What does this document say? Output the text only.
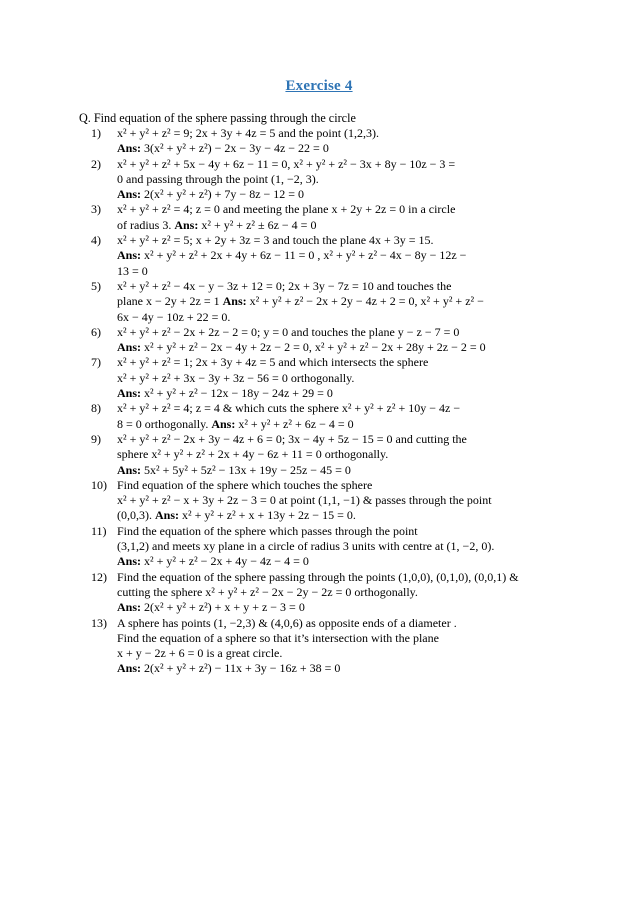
Exercise 4
Q. Find equation of the sphere passing through the circle
1) x² + y² + z² = 9; 2x + 3y + 4z = 5 and the point (1,2,3).
Ans: 3(x² + y² + z²) − 2x − 3y − 4z − 22 = 0
2) x² + y² + z² + 5x − 4y + 6z − 11 = 0, x² + y² + z² − 3x + 8y − 10z − 3 =
0 and passing through the point (1, −2, 3).
Ans: 2(x² + y² + z²) + 7y − 8z − 12 = 0
3) x² + y² + z² = 4; z = 0 and meeting the plane x + 2y + 2z = 0 in a circle
of radius 3. Ans: x² + y² + z² ± 6z − 4 = 0
4) x² + y² + z² = 5; x + 2y + 3z = 3 and touch the plane 4x + 3y = 15.
Ans: x² + y² + z² + 2x + 4y + 6z − 11 = 0 , x² + y² + z² − 4x − 8y − 12z −
13 = 0
5) x² + y² + z² − 4x − y − 3z + 12 = 0; 2x + 3y − 7z = 10 and touches the
plane x − 2y + 2z = 1 Ans: x² + y² + z² − 2x + 2y − 4z + 2 = 0, x² + y² + z² −
6x − 4y − 10z + 22 = 0.
6) x² + y² + z² − 2x + 2z − 2 = 0; y = 0 and touches the plane y − z − 7 = 0
Ans: x² + y² + z² − 2x − 4y + 2z − 2 = 0, x² + y² + z² − 2x + 28y + 2z − 2 = 0
7) x² + y² + z² = 1; 2x + 3y + 4z = 5 and which intersects the sphere
x² + y² + z² + 3x − 3y + 3z − 56 = 0 orthogonally.
Ans: x² + y² + z² − 12x − 18y − 24z + 29 = 0
8) x² + y² + z² = 4; z = 4 & which cuts the sphere x² + y² + z² + 10y − 4z −
8 = 0 orthogonally. Ans: x² + y² + z² + 6z − 4 = 0
9) x² + y² + z² − 2x + 3y − 4z + 6 = 0; 3x − 4y + 5z − 15 = 0 and cutting the
sphere x² + y² + z² + 2x + 4y − 6z + 11 = 0 orthogonally.
Ans: 5x² + 5y² + 5z² − 13x + 19y − 25z − 45 = 0
10) Find equation of the sphere which touches the sphere
x² + y² + z² − x + 3y + 2z − 3 = 0 at point (1,1, −1) & passes through the point
(0,0,3). Ans: x² + y² + z² + x + 13y + 2z − 15 = 0.
11) Find the equation of the sphere which passes through the point
(3,1,2) and meets xy plane in a circle of radius 3 units with centre at (1, −2, 0).
Ans: x² + y² + z² − 2x + 4y − 4z − 4 = 0
12) Find the equation of the sphere passing through the points (1,0,0), (0,1,0), (0,0,1) &
cutting the sphere x² + y² + z² − 2x − 2y − 2z = 0 orthogonally.
Ans: 2(x² + y² + z²) + x + y + z − 3 = 0
13) A sphere has points (1, −2,3) & (4,0,6) as opposite ends of a diameter .
Find the equation of a sphere so that it’s intersection with the plane
x + y − 2z + 6 = 0 is a great circle.
Ans: 2(x² + y² + z²) − 11x + 3y − 16z + 38 = 0
